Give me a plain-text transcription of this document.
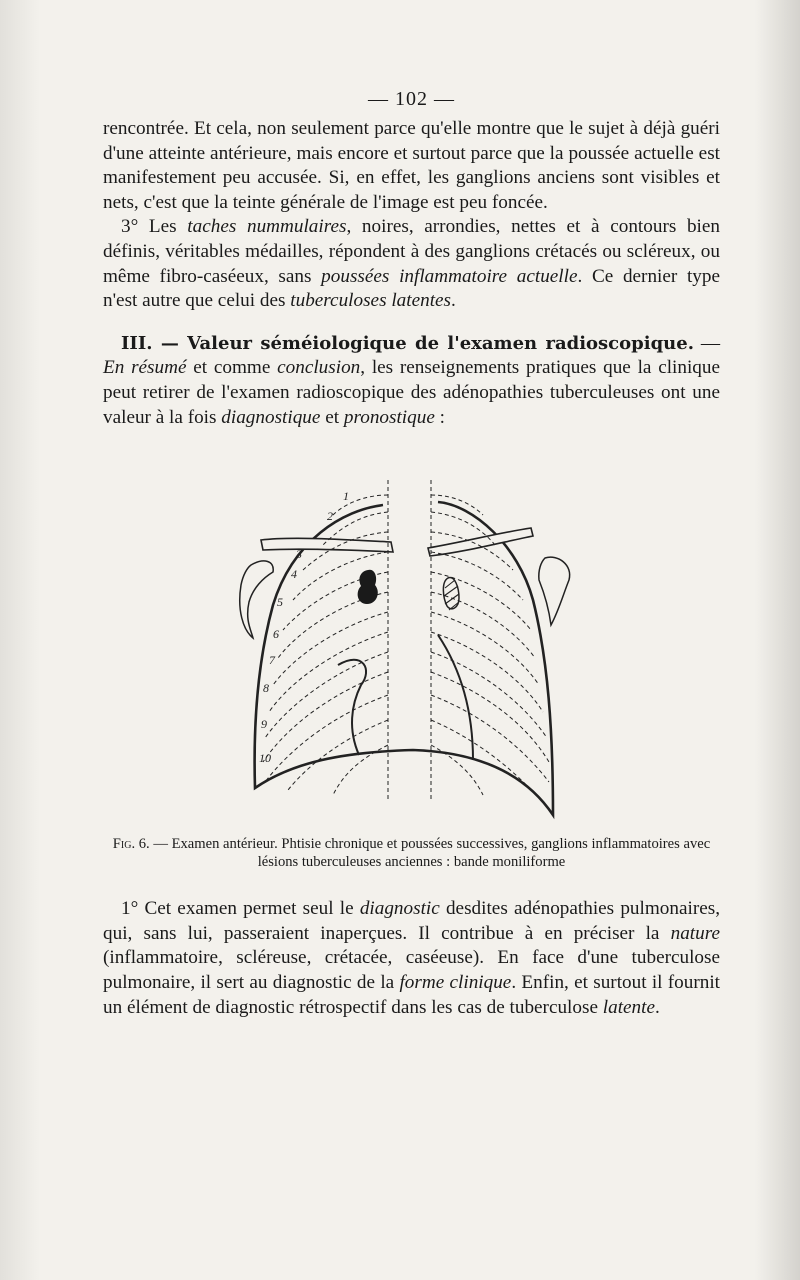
— 102 —

rencontrée. Et cela, non seulement parce qu'elle montre que le sujet à déjà guéri d'une atteinte antérieure, mais encore et surtout parce que la poussée actuelle est manifestement peu accusée. Si, en effet, les ganglions anciens sont visibles et nets, c'est que la teinte générale de l'image est peu foncée.

3° Les taches nummulaires, noires, arrondies, nettes et à contours bien définis, véritables médailles, répondent à des ganglions crétacés ou scléreux, ou même fibro-caséeux, sans poussées inflammatoire actuelle. Ce dernier type n'est autre que celui des tuberculoses latentes.

III. — Valeur séméiologique de l'examen radioscopique. — En résumé et comme conclusion, les renseignements pratiques que la clinique peut retirer de l'examen radioscopique des adénopathies tuberculeuses ont une valeur à la fois diagnostique et pronostique :

1
2
3
4
5
6
7
8
9
10
Fig. 6. — Examen antérieur. Phtisie chronique et poussées successives, ganglions inflammatoires avec lésions tuberculeuses anciennes : bande moniliforme

1° Cet examen permet seul le diagnostic desdites adénopathies pulmonaires, qui, sans lui, passeraient inaperçues. Il contribue à en préciser la nature (inflammatoire, scléreuse, crétacée, caséeuse). En face d'une tuberculose pulmonaire, il sert au diagnostic de la forme clinique. Enfin, et surtout il fournit un élément de diagnostic rétrospectif dans les cas de tuberculose latente.
